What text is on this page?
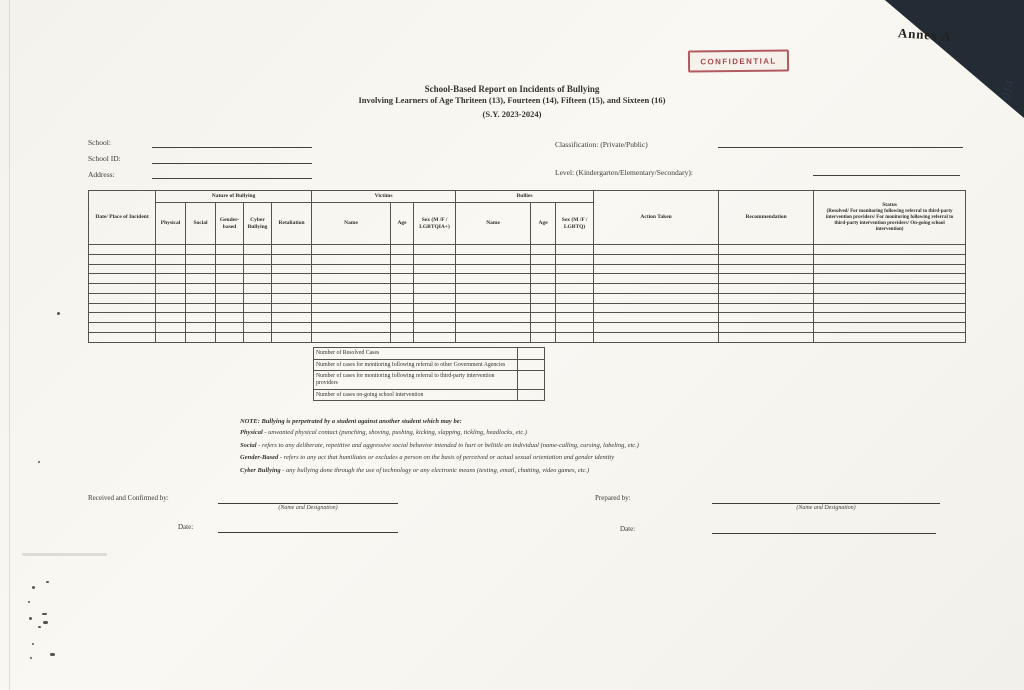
Annex A
014
CONFIDENTIAL
School-Based Report on Incidents of Bullying
Involving Learners of Age Thriteen (13), Fourteen (14), Fifteen (15), and Sixteen (16)
(S.Y. 2023-2024)
School:
School ID:
Address:
Classification: (Private/Public)
Level: (Kindergarten/Elementary/Secondary):
Date/ Place of Incident	Nature of Bullying					Victims			Bullies			Action Taken	Recommendation	Status
(Resolved/ For monitoring following referral to third-party intervention providers/ For monitoring following referral to third-party intervention providers/ On-going school intervention)

	Physical	Social	Gender-based	Cyber Bullying	Retaliation	Name	Age	Sex (M /F / LGBTQIA+)	Name	Age	Sex (M /F / LGBTQ)			

Number of Resolved Cases	
Number of cases for monitoring following referral to other Government Agencies	
Number of cases for monitoring following referral to third-party intervention providers	
Number of cases on-going school intervention	
NOTE: Bullying is perpetrated by a student against another student which may be:
Physical - unwanted physical contact (punching, shoving, pushing, kicking, slapping, tickling, headlocks, etc.)
Social - refers to any deliberate, repetitive and aggressive social behavior intended to hurt or belittle an individual (name-calling, cursing, labeling, etc.)
Gender-Based - refers to any act that humiliates or excludes a person on the basis of perceived or actual sexual orientation and gender identity
Cyber Bullying - any bullying done through the use of technology or any electronic means (texting, email, chatting, video games, etc.)
Received and Confirmed by:
(Name and Designation)
Date:
Prepared by:
(Name and Designation)
Date:
